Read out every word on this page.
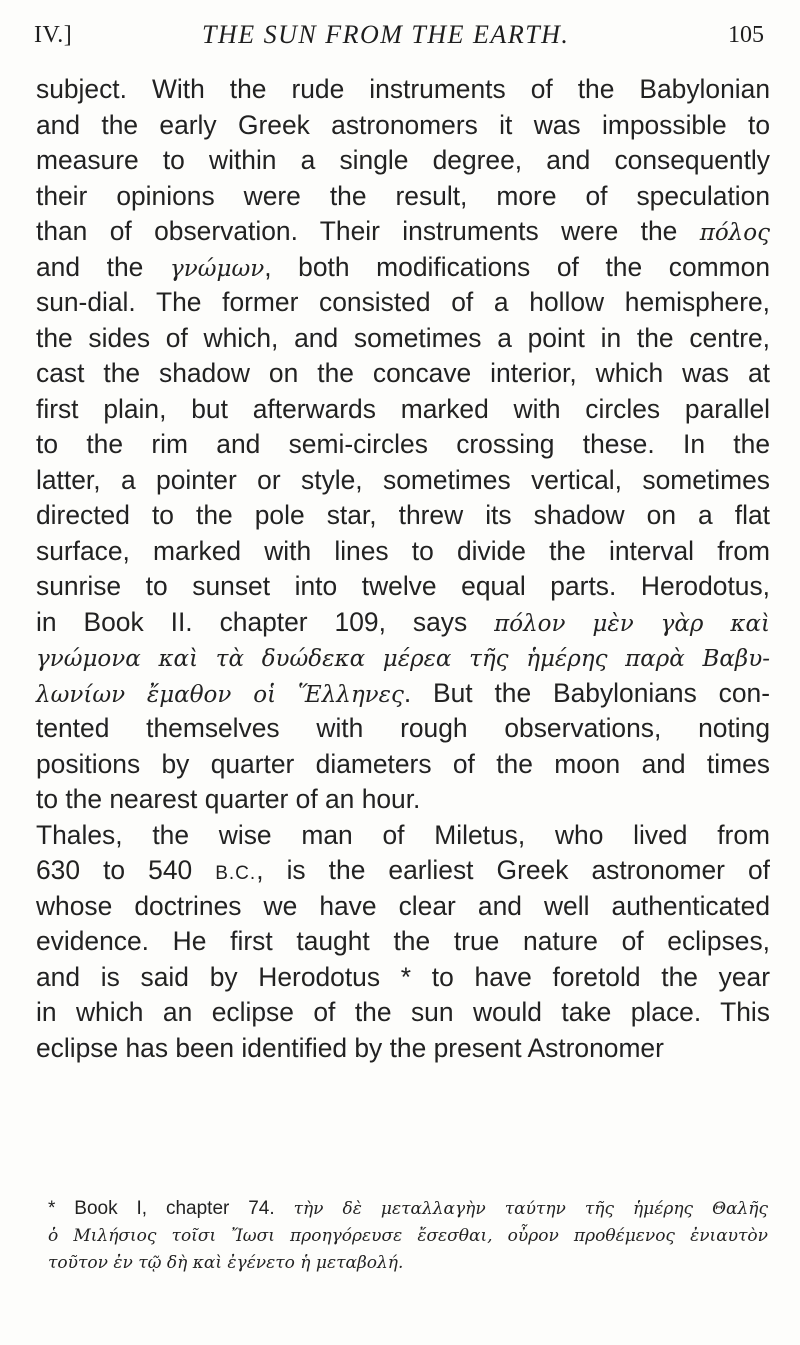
IV.]	THE SUN FROM THE EARTH.	105
subject. With the rude instruments of the Babylonian
and the early Greek astronomers it was impossible to
measure to within a single degree, and consequently
their opinions were the result, more of speculation
than of observation. Their instruments were the πόλος
and the γνώμων, both modifications of the common
sun-dial. The former consisted of a hollow hemisphere,
the sides of which, and sometimes a point in the centre,
cast the shadow on the concave interior, which was at
first plain, but afterwards marked with circles parallel
to the rim and semi-circles crossing these. In the
latter, a pointer or style, sometimes vertical, sometimes
directed to the pole star, threw its shadow on a flat
surface, marked with lines to divide the interval from
sunrise to sunset into twelve equal parts. Herodotus,
in Book II. chapter 109, says πόλον μὲν γὰρ καὶ
γνώμονα καὶ τὰ δυώδεκα μέρεα τῆς ἡμέρης παρὰ Βαβυ-
λωνίων ἔμαθον οἱ Ἕλληνες. But the Babylonians con-
tented themselves with rough observations, noting
positions by quarter diameters of the moon and times
to the nearest quarter of an hour.
Thales, the wise man of Miletus, who lived from
630 to 540 B.C., is the earliest Greek astronomer of
whose doctrines we have clear and well authenticated
evidence. He first taught the true nature of eclipses,
and is said by Herodotus * to have foretold the year
in which an eclipse of the sun would take place. This
eclipse has been identified by the present Astronomer
* Book I, chapter 74. τὴν δὲ μεταλλαγὴν ταύτην τῆς ἡμέρης Θαλῆς
ὁ Μιλήσιος τοῖσι Ἴωσι προηγόρευσε ἔσεσθαι, οὖρον προθέμενος ἐνιαυτὸν
τοῦτον ἐν τῷ δὴ καὶ ἐγένετο ἡ μεταβολή.
